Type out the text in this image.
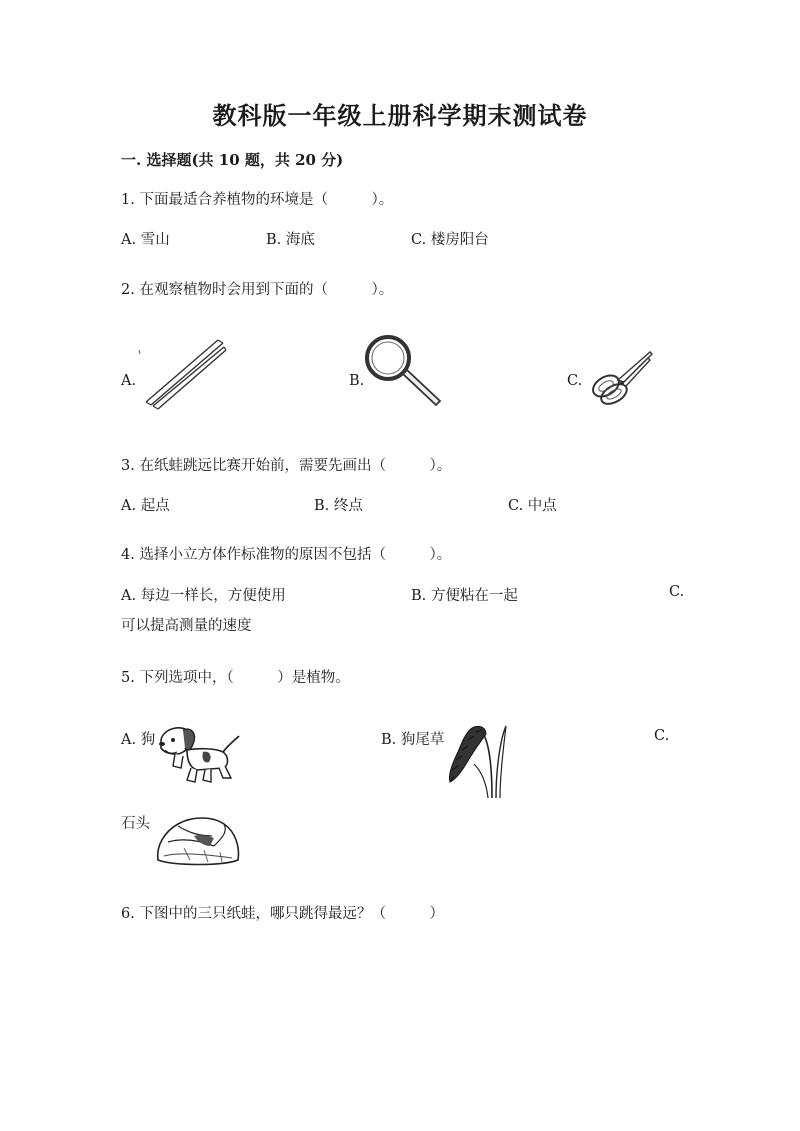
教科版一年级上册科学期末测试卷
一. 选择题(共 10 题，共 20 分)
1. 下面最适合养植物的环境是（　　　）。
A. 雪山	B. 海底	C. 楼房阳台
2. 在观察植物时会用到下面的（　　　）。
A.	B.	C.
3. 在纸蛙跳远比赛开始前，需要先画出（　　　）。
A. 起点	B. 终点	C. 中点
4. 选择小立方体作标准物的原因不包括（　　　）。
A. 每边一样长，方便使用	B. 方便粘在一起	C.
可以提高测量的速度
5. 下列选项中，（　　　）是植物。
A. 狗	B. 狗尾草	C.
石头
6. 下图中的三只纸蛙，哪只跳得最远？（　　　）
